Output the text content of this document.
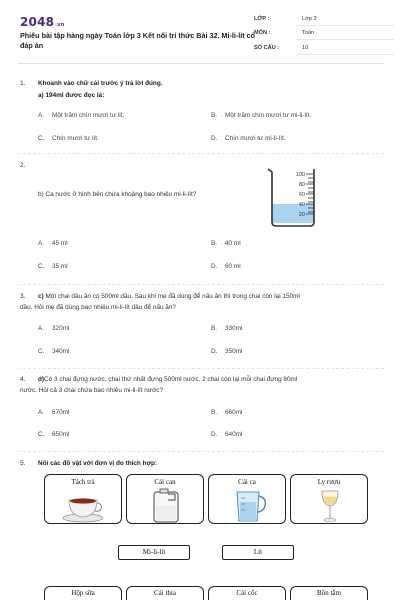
2048.vn
Phiếu bài tập hàng ngày Toán lớp 3 Kết nối tri thức Bài 32. Mi-li-lít có đáp án
LỚP :	Lớp 3
MÔN :	Toán
SỐ CÂU :	10
1. Khoanh vào chữ cái trước ý trả lời đúng.
a) 194ml được đọc là:
A. Một trăm chín mươi tư lít.	B. Một trăm chín mươi tư mi-li-lít.
C. Chín mươi tư lít.	D. Chín mươi tư mi-li-lít.
2.
b) Ca nước ở hình bên chứa khoảng bao nhiêu mi-li-lít?
A. 45 ml	B. 40 ml
C. 35 ml	D. 60 ml
100
80
60
40
20
3. c) Một chai dầu ăn có 500ml dầu. Sau khi mẹ đã dùng để nấu ăn thì trong chai còn lại 150ml
dầu. Hỏi mẹ đã dùng bao nhiêu mi-li-lít dầu để nấu ăn?
A. 320ml	B. 330ml
C. 340ml	D. 350ml
4. d)Có 3 chai đựng nước, chai thứ nhất đựng 500ml nước, 2 chai còn lại mỗi chai đựng 80ml
nước. Hỏi cả 3 chai chứa bao nhiêu mi-li-lít nước?
A. 670ml	B. 660ml
C. 650ml	D. 640ml
5. Nối các đồ vật với đơn vị đo thích hợp:
Tách trà	Cái can	Cái ca	Ly rượu
Mi-li-lít	Lít
Hộp sữa	Cái thìa	Cái cốc	Bồn tắm
